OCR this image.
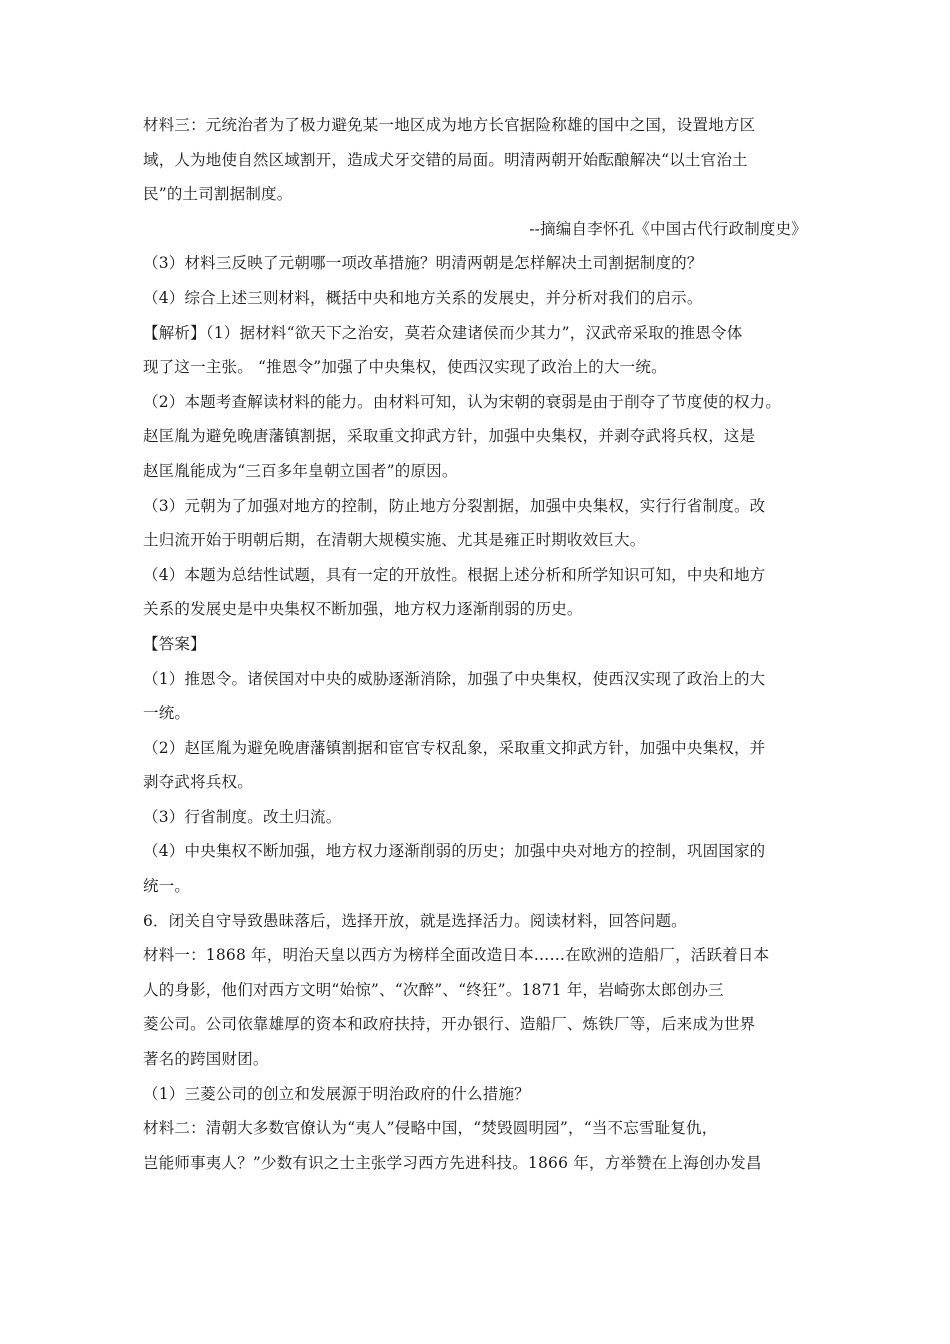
材料三：元统治者为了极力避免某一地区成为地方长官据险称雄的国中之国，设置地方区
域，人为地使自然区域割开，造成犬牙交错的局面。明清两朝开始酝酿解决“以土官治土
民”的土司割据制度。
--摘编自李怀孔《中国古代行政制度史》
（3）材料三反映了元朝哪一项改革措施？明清两朝是怎样解决土司割据制度的？
（4）综合上述三则材料，概括中央和地方关系的发展史，并分析对我们的启示。
【解析】（1）据材料“欲天下之治安，莫若众建诸侯而少其力”，汉武帝采取的推恩令体
现了这一主张。 “推恩令”加强了中央集权，使西汉实现了政治上的大一统。
（2）本题考查解读材料的能力。由材料可知，认为宋朝的衰弱是由于削夺了节度使的权力。
赵匡胤为避免晚唐藩镇割据，采取重文抑武方针，加强中央集权，并剥夺武将兵权，这是
赵匡胤能成为“三百多年皇朝立国者”的原因。
（3）元朝为了加强对地方的控制，防止地方分裂割据，加强中央集权，实行行省制度。改
土归流开始于明朝后期，在清朝大规模实施、尤其是雍正时期收效巨大。
（4）本题为总结性试题，具有一定的开放性。根据上述分析和所学知识可知，中央和地方
关系的发展史是中央集权不断加强，地方权力逐渐削弱的历史。
【答案】
（1）推恩令。诸侯国对中央的威胁逐渐消除，加强了中央集权，使西汉实现了政治上的大
一统。
（2）赵匡胤为避免晚唐藩镇割据和宦官专权乱象，采取重文抑武方针，加强中央集权，并
剥夺武将兵权。
（3）行省制度。改土归流。
（4）中央集权不断加强，地方权力逐渐削弱的历史；加强中央对地方的控制，巩固国家的
统一。
6．闭关自守导致愚昧落后，选择开放，就是选择活力。阅读材料，回答问题。
材料一：1868 年，明治天皇以西方为榜样全面改造日本……在欧洲的造船厂，活跃着日本
人的身影，他们对西方文明“始惊”、“次醉”、“终狂”。1871 年，岩崎弥太郎创办三
菱公司。公司依靠雄厚的资本和政府扶持，开办银行、造船厂、炼铁厂等，后来成为世界
著名的跨国财团。
（1）三菱公司的创立和发展源于明治政府的什么措施？
材料二：清朝大多数官僚认为“夷人”侵略中国，“焚毁圆明园”，“当不忘雪耻复仇，
岂能师事夷人？”少数有识之士主张学习西方先进科技。1866 年，方举赞在上海创办发昌
